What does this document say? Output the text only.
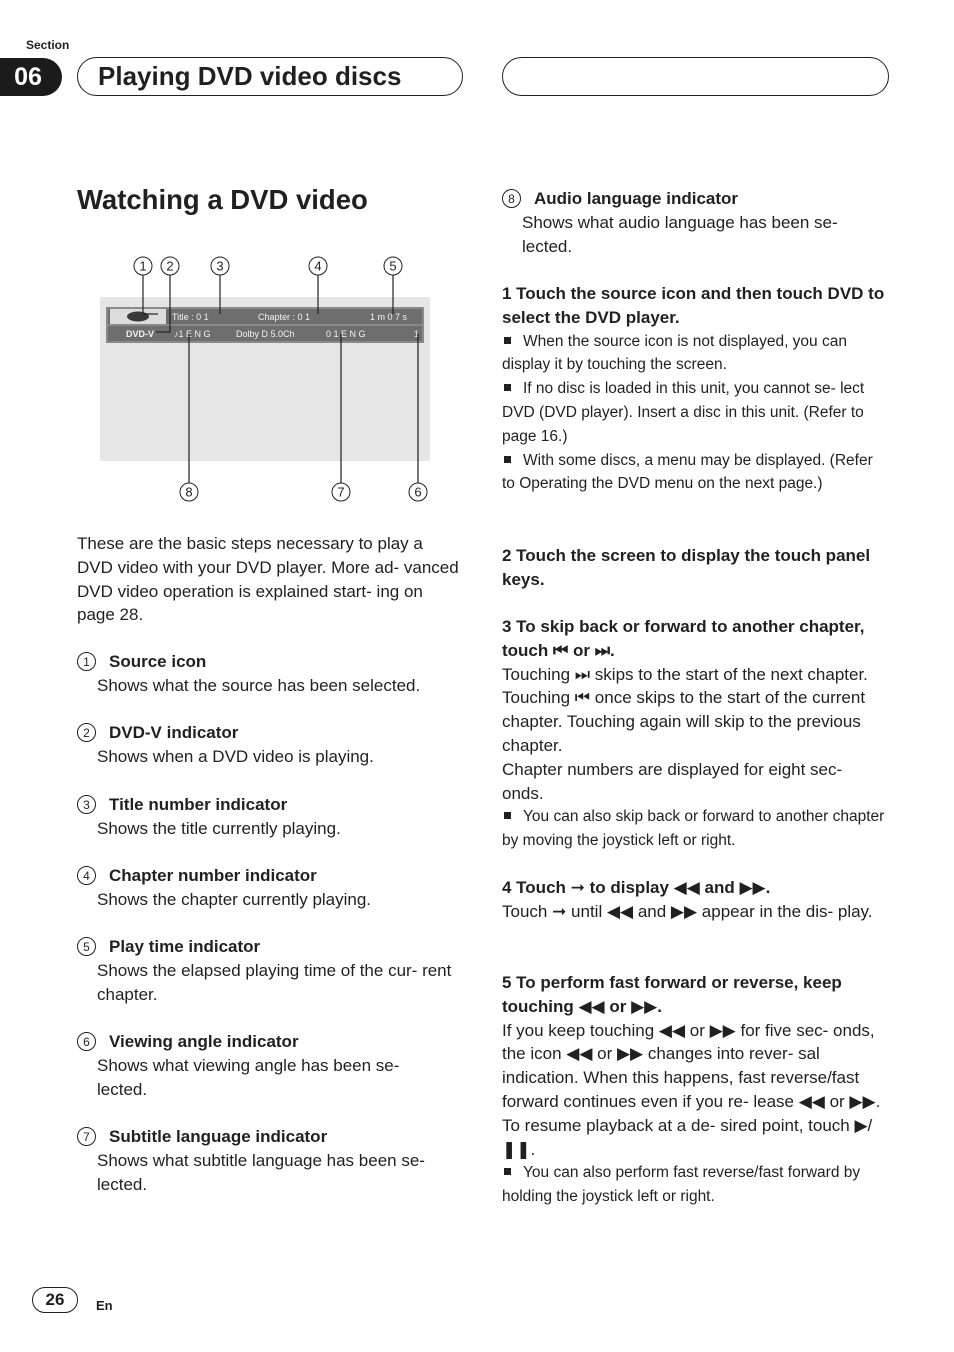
Section
06	Playing DVD video discs
Watching a DVD video
1 2	3	4	5
8	7	6
Title : 0 1	Chapter : 0 1	1 m 0 7 s
DVD-V ♪1 E N G	Dolby D 5.0Ch	0 1 E N G	1
These are the basic steps necessary to play a DVD video with your DVD player. More ad- vanced DVD video operation is explained start- ing on page 28.
1	Source icon
Shows what the source has been selected.
2	DVD-V indicator
Shows when a DVD video is playing.
3	Title number indicator
Shows the title currently playing.
4	Chapter number indicator
Shows the chapter currently playing.
5	Play time indicator
Shows the elapsed playing time of the cur- rent chapter.
6	Viewing angle indicator
Shows what viewing angle has been se- lected.
7	Subtitle language indicator
Shows what subtitle language has been se- lected.
8	Audio language indicator
Shows what audio language has been se- lected.
1 Touch the source icon and then touch DVD to select the DVD player.
When the source icon is not displayed, you can display it by touching the screen.
If no disc is loaded in this unit, you cannot se- lect DVD (DVD player). Insert a disc in this unit. (Refer to page 16.)
With some discs, a menu may be displayed. (Refer to Operating the DVD menu on the next page.)
2 Touch the screen to display the touch panel keys.
3 To skip back or forward to another chapter, touch ⏮ or ⏭.
Touching ⏭ skips to the start of the next chapter. Touching ⏮ once skips to the start of the current chapter. Touching again will skip to the previous chapter.
Chapter numbers are displayed for eight sec- onds.
You can also skip back or forward to another chapter by moving the joystick left or right.
4 Touch ➞ to display ◀◀ and ▶▶.
Touch ➞ until ◀◀ and ▶▶ appear in the dis- play.
5 To perform fast forward or reverse, keep touching ◀◀ or ▶▶.
If you keep touching ◀◀ or ▶▶ for five sec- onds, the icon ◀◀ or ▶▶ changes into rever- sal indication. When this happens, fast reverse/fast forward continues even if you re- lease ◀◀ or ▶▶. To resume playback at a de- sired point, touch ▶/❚❚.
You can also perform fast reverse/fast forward by holding the joystick left or right.
26	En
